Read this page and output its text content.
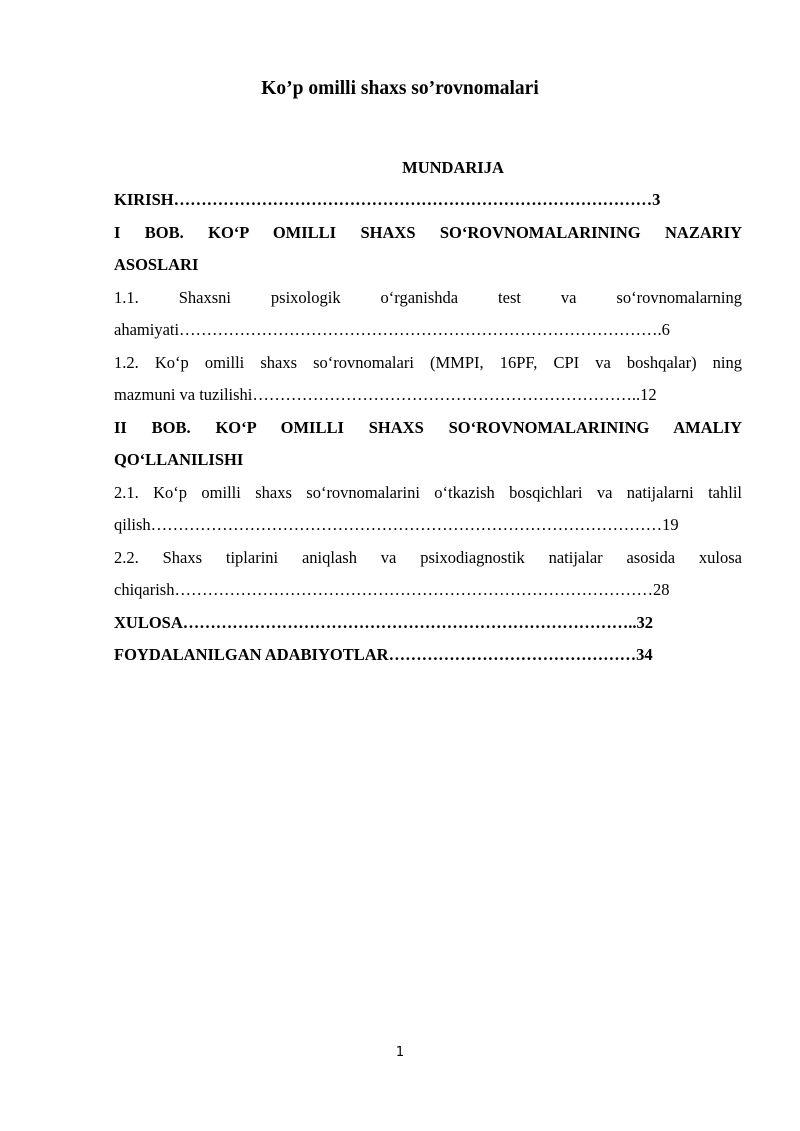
Ko’p omilli shaxs so’rovnomalari
MUNDARIJA
KIRISH……………………………………………………………………………3
I BOB. KO‘P OMILLI SHAXS SO‘ROVNOMALARINING NAZARIY
ASOSLARI
1.1. Shaxsni psixologik o‘rganishda test va so‘rovnomalarning
ahamiyati…………………………………………………………………………….6
1.2. Ko‘p omilli shaxs so‘rovnomalari (MMPI, 16PF, CPI va boshqalar) ning
mazmuni va tuzilishi……………………………………………………………..12
II BOB. KO‘P OMILLI SHAXS SO‘ROVNOMALARINING AMALIY
QO‘LLANILISHI
2.1. Ko‘p omilli shaxs so‘rovnomalarini o‘tkazish bosqichlari va natijalarni tahlil
qilish…………………………………………………………………………………19
2.2. Shaxs tiplarini aniqlash va psixodiagnostik natijalar asosida xulosa
chiqarish……………………………………………………………………………28
XULOSA………………………………………………………………………..32
FOYDALANILGAN ADABIYOTLAR………………………………………34
1
